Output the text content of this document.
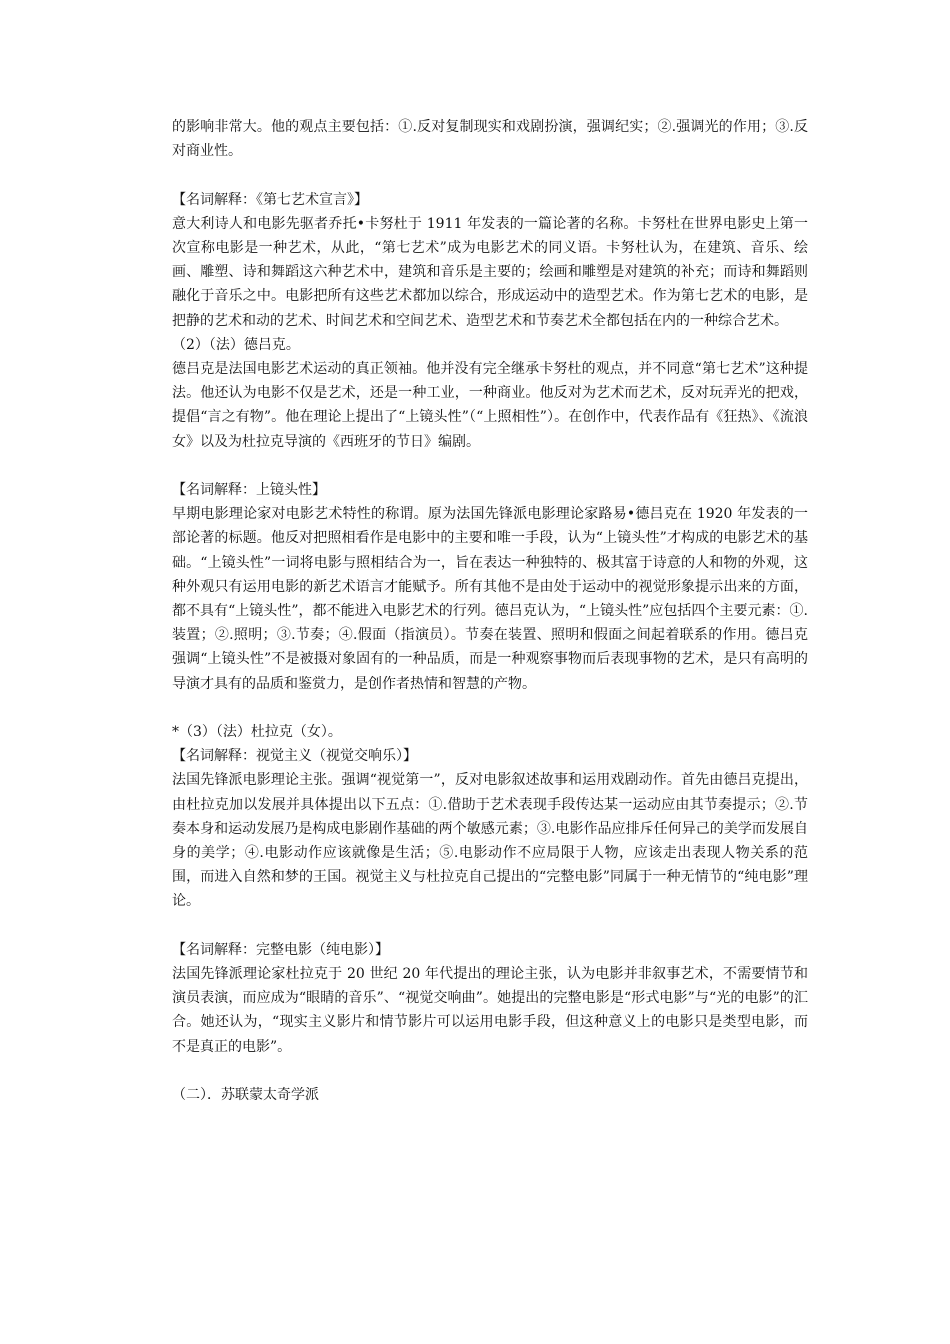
的影响非常大。他的观点主要包括：①.反对复制现实和戏剧扮演，强调纪实；②.强调光的作用；③.反对商业性。

【名词解释：《第七艺术宣言》】

意大利诗人和电影先驱者乔托•卡努杜于 1911 年发表的一篇论著的名称。卡努杜在世界电影史上第一次宣称电影是一种艺术，从此，“第七艺术”成为电影艺术的同义语。卡努杜认为，在建筑、音乐、绘画、雕塑、诗和舞蹈这六种艺术中，建筑和音乐是主要的；绘画和雕塑是对建筑的补充；而诗和舞蹈则融化于音乐之中。电影把所有这些艺术都加以综合，形成运动中的造型艺术。作为第七艺术的电影，是把静的艺术和动的艺术、时间艺术和空间艺术、造型艺术和节奏艺术全都包括在内的一种综合艺术。

（2）（法）德吕克。

德吕克是法国电影艺术运动的真正领袖。他并没有完全继承卡努杜的观点，并不同意“第七艺术”这种提法。他还认为电影不仅是艺术，还是一种工业，一种商业。他反对为艺术而艺术，反对玩弄光的把戏，提倡“言之有物”。他在理论上提出了“上镜头性”（“上照相性”）。在创作中，代表作品有《狂热》、《流浪女》以及为杜拉克导演的《西班牙的节日》编剧。

【名词解释：上镜头性】

早期电影理论家对电影艺术特性的称谓。原为法国先锋派电影理论家路易•德吕克在 1920 年发表的一部论著的标题。他反对把照相看作是电影中的主要和唯一手段，认为“上镜头性”才构成的电影艺术的基础。“上镜头性”一词将电影与照相结合为一，旨在表达一种独特的、极其富于诗意的人和物的外观，这种外观只有运用电影的新艺术语言才能赋予。所有其他不是由处于运动中的视觉形象提示出来的方面，都不具有“上镜头性”，都不能进入电影艺术的行列。德吕克认为，“上镜头性”应包括四个主要元素：①.装置；②.照明；③.节奏；④.假面（指演员）。节奏在装置、照明和假面之间起着联系的作用。德吕克强调“上镜头性”不是被摄对象固有的一种品质，而是一种观察事物而后表现事物的艺术，是只有高明的导演才具有的品质和鉴赏力，是创作者热情和智慧的产物。

*（3）（法）杜拉克（女）。

【名词解释：视觉主义（视觉交响乐）】

法国先锋派电影理论主张。强调“视觉第一”，反对电影叙述故事和运用戏剧动作。首先由德吕克提出，由杜拉克加以发展并具体提出以下五点：①.借助于艺术表现手段传达某一运动应由其节奏提示；②.节奏本身和运动发展乃是构成电影剧作基础的两个敏感元素；③.电影作品应排斥任何异己的美学而发展自身的美学；④.电影动作应该就像是生活；⑤.电影动作不应局限于人物，应该走出表现人物关系的范围，而进入自然和梦的王国。视觉主义与杜拉克自己提出的“完整电影”同属于一种无情节的“纯电影”理论。

【名词解释：完整电影（纯电影）】

法国先锋派理论家杜拉克于 20 世纪 20 年代提出的理论主张，认为电影并非叙事艺术，不需要情节和演员表演，而应成为“眼睛的音乐”、“视觉交响曲”。她提出的完整电影是“形式电影”与“光的电影”的汇合。她还认为，“现实主义影片和情节影片可以运用电影手段，但这种意义上的电影只是类型电影，而不是真正的电影”。

（二）．苏联蒙太奇学派
